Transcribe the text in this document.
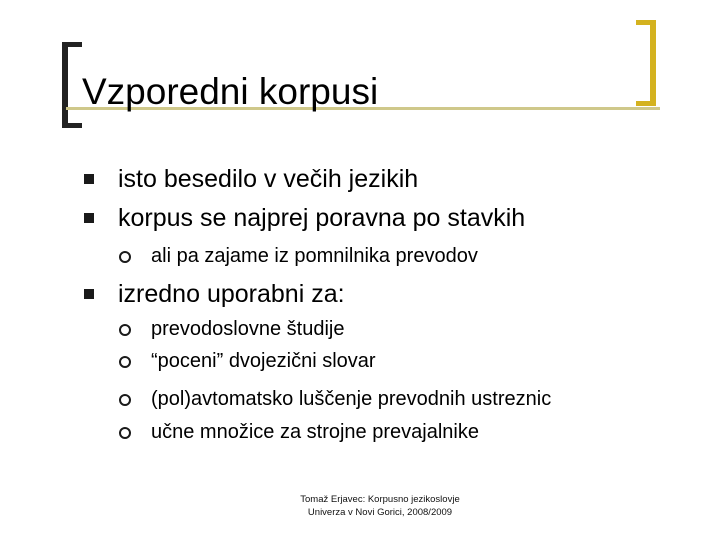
Vzporedni korpusi
isto besedilo v večih jezikih
korpus se najprej poravna po stavkih
ali pa zajame iz pomnilnika prevodov
izredno uporabni za:
prevodoslovne študije
“poceni” dvojezični slovar
(pol)avtomatsko luščenje prevodnih ustreznic
učne množice za strojne prevajalnike
Tomaž Erjavec: Korpusno jezikoslovje
Univerza v Novi Gorici, 2008/2009
